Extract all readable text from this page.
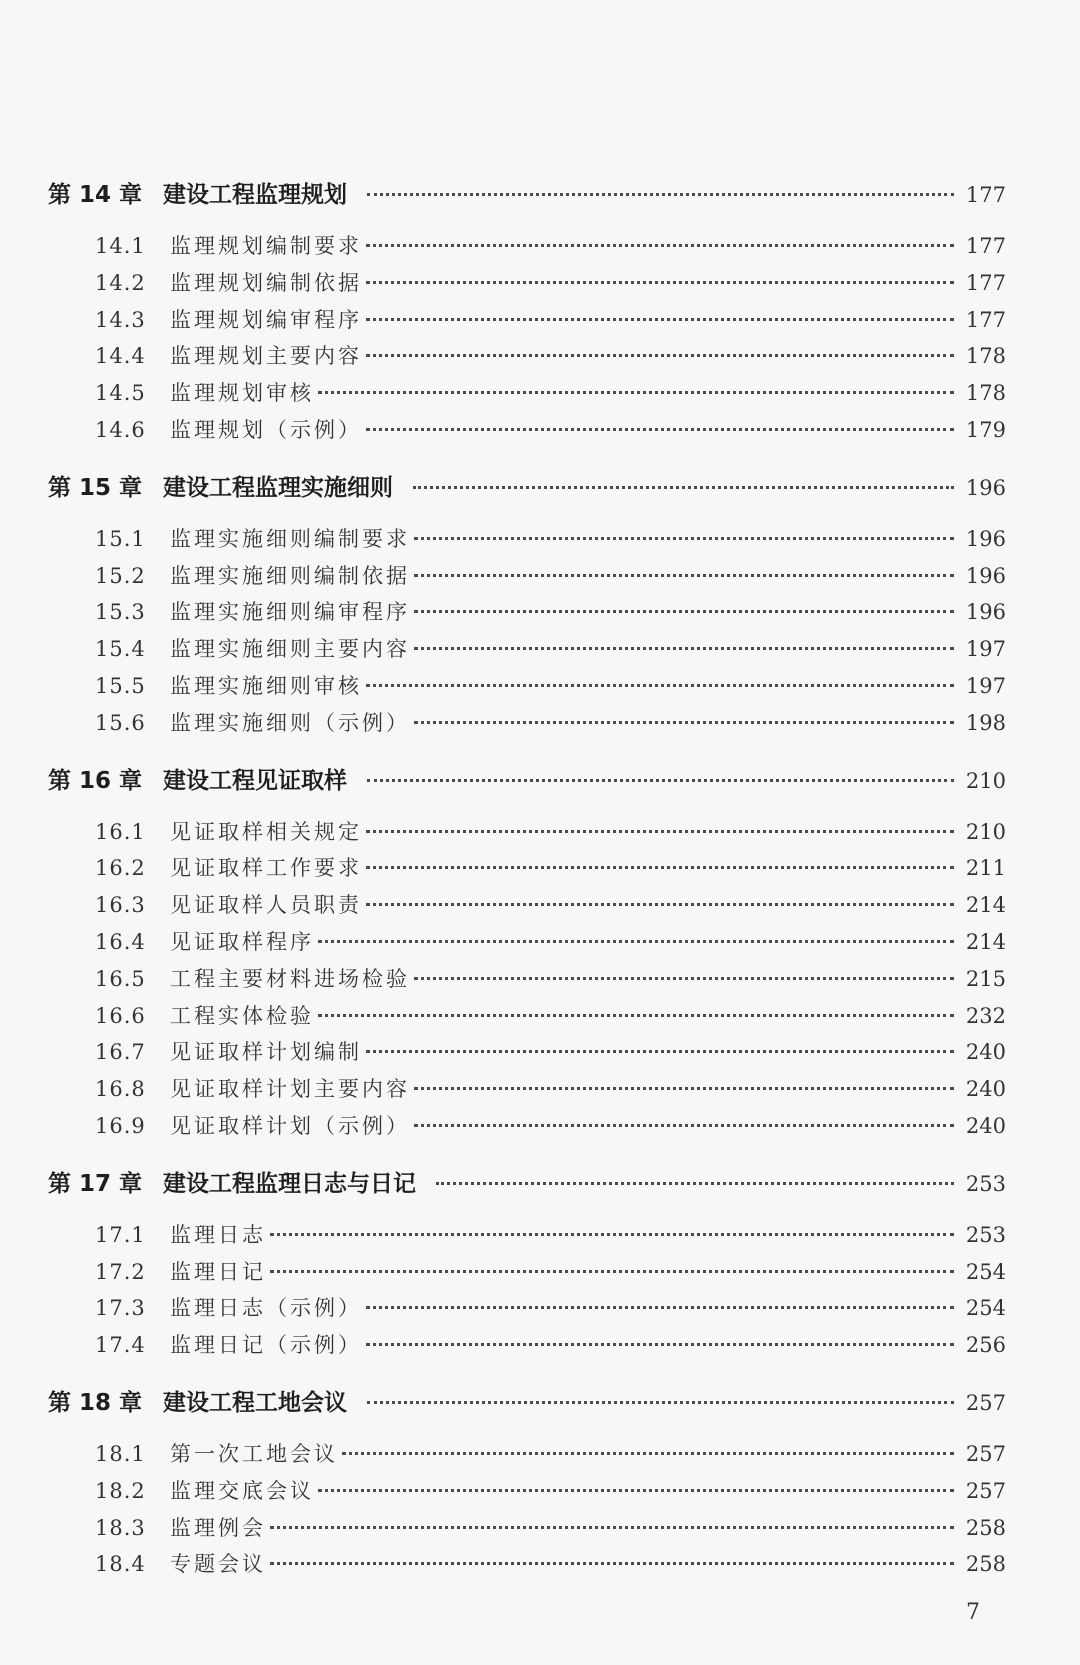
第 14 章 建设工程监理规划	177
14.1	监理规划编制要求	177
14.2	监理规划编制依据	177
14.3	监理规划编审程序	177
14.4	监理规划主要内容	178
14.5	监理规划审核	178
14.6	监理规划（示例）	179
第 15 章 建设工程监理实施细则	196
15.1	监理实施细则编制要求	196
15.2	监理实施细则编制依据	196
15.3	监理实施细则编审程序	196
15.4	监理实施细则主要内容	197
15.5	监理实施细则审核	197
15.6	监理实施细则（示例）	198
第 16 章 建设工程见证取样	210
16.1	见证取样相关规定	210
16.2	见证取样工作要求	211
16.3	见证取样人员职责	214
16.4	见证取样程序	214
16.5	工程主要材料进场检验	215
16.6	工程实体检验	232
16.7	见证取样计划编制	240
16.8	见证取样计划主要内容	240
16.9	见证取样计划（示例）	240
第 17 章 建设工程监理日志与日记	253
17.1	监理日志	253
17.2	监理日记	254
17.3	监理日志（示例）	254
17.4	监理日记（示例）	256
第 18 章 建设工程工地会议	257
18.1	第一次工地会议	257
18.2	监理交底会议	257
18.3	监理例会	258
18.4	专题会议	258
7
